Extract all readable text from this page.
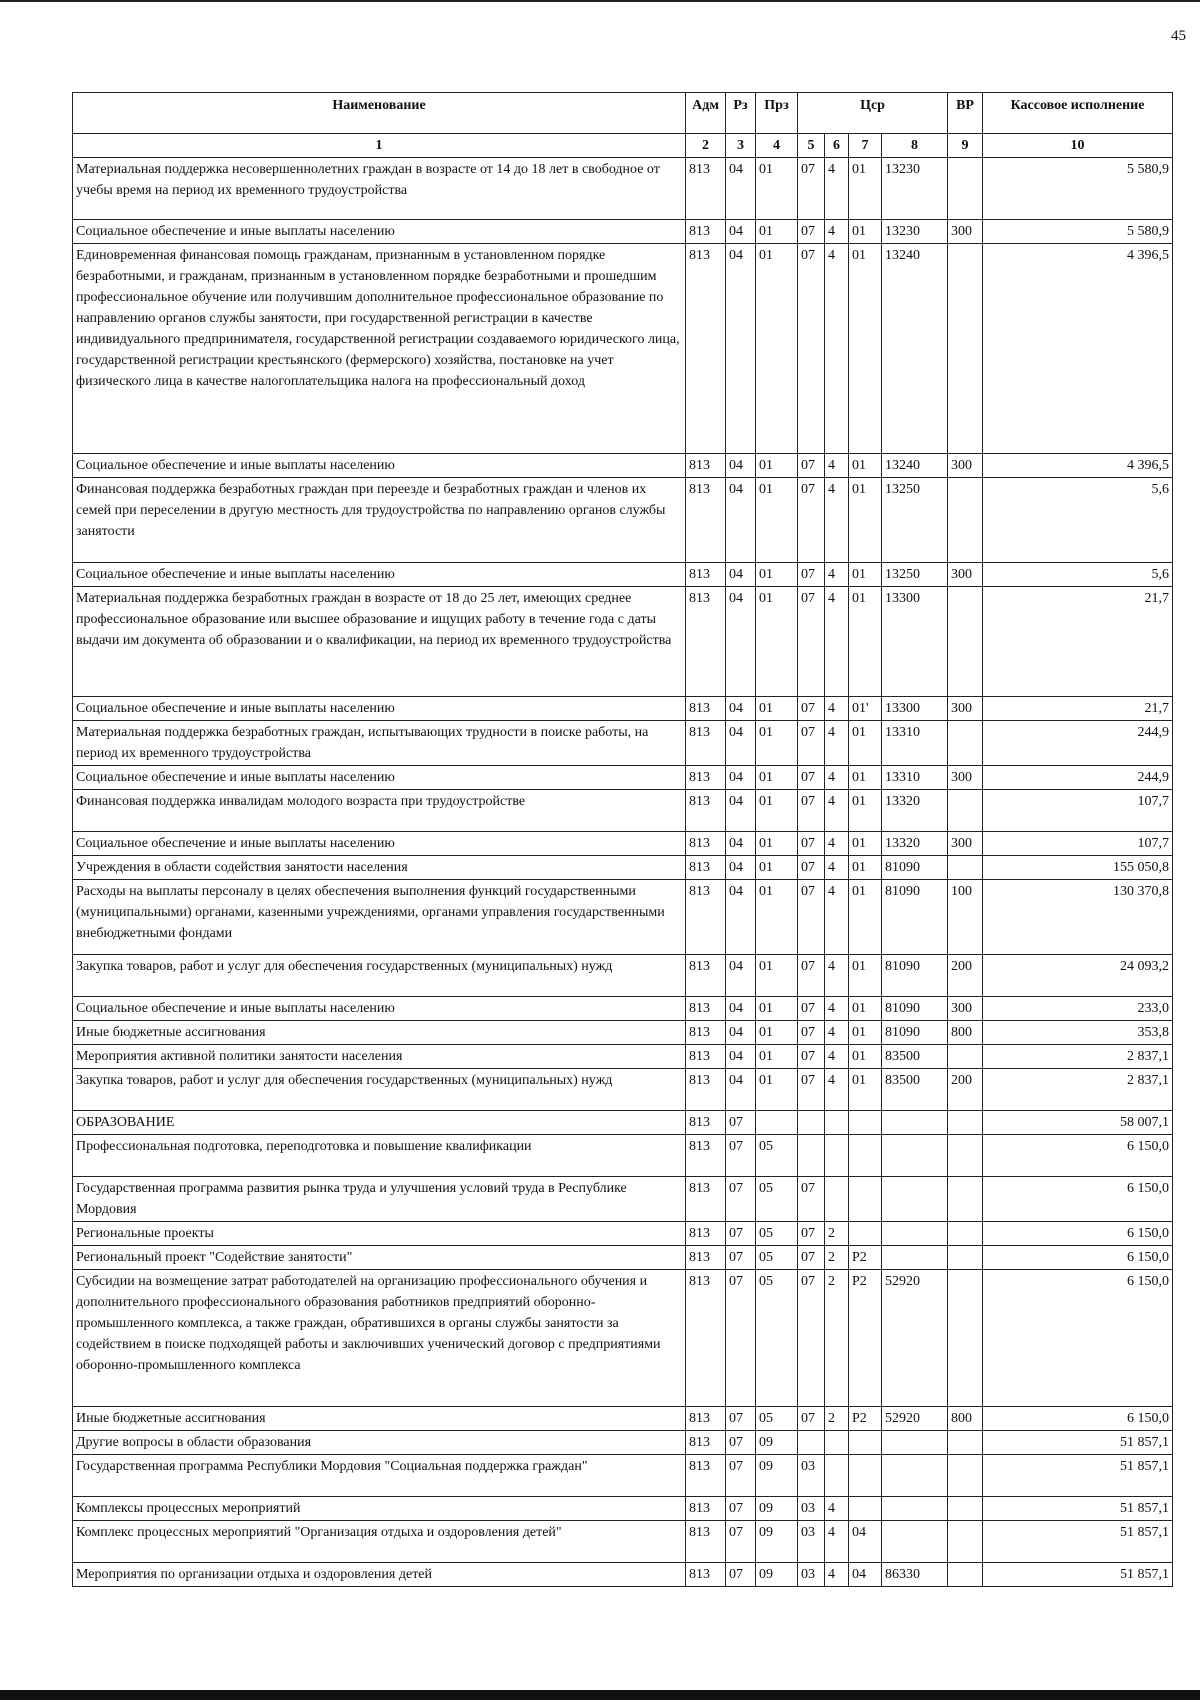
45
Наименование	Адм	Рз	Прз	Цср				ВР	Кассовое исполнение
1	2	3	4	5	6	7	8	9	10
Материальная поддержка несовершеннолетних граждан в возрасте от 14 до 18 лет в свободное от учебы время на период их временного трудоустройства	813	04	01	07	4	01	13230		5 580,9
Социальное обеспечение и иные выплаты населению	813	04	01	07	4	01	13230	300	5 580,9
Единовременная финансовая помощь гражданам, признанным в установленном порядке безработными, и гражданам, признанным в установленном порядке безработными и прошедшим профессиональное обучение или получившим дополнительное профессиональное образование по направлению органов службы занятости, при государственной регистрации в качестве индивидуального предпринимателя, государственной регистрации создаваемого юридического лица, государственной регистрации крестьянского (фермерского) хозяйства, постановке на учет физического лица в качестве налогоплательщика налога на профессиональный доход	813	04	01	07	4	01	13240		4 396,5
Социальное обеспечение и иные выплаты населению	813	04	01	07	4	01	13240	300	4 396,5
Финансовая поддержка безработных граждан при переезде и безработных граждан и членов их семей при переселении в другую местность для трудоустройства по направлению органов службы занятости	813	04	01	07	4	01	13250		5,6
Социальное обеспечение и иные выплаты населению	813	04	01	07	4	01	13250	300	5,6
Материальная поддержка безработных граждан в возрасте от 18 до 25 лет, имеющих среднее профессиональное образование или высшее образование и ищущих работу в течение года с даты выдачи им документа об образовании и о квалификации, на период их временного трудоустройства	813	04	01	07	4	01	13300		21,7
Социальное обеспечение и иные выплаты населению	813	04	01	07	4	01'	13300	300	21,7
Материальная поддержка безработных граждан, испытывающих трудности в поиске работы, на период их временного трудоустройства	813	04	01	07	4	01	13310		244,9
Социальное обеспечение и иные выплаты населению	813	04	01	07	4	01	13310	300	244,9
Финансовая поддержка инвалидам молодого возраста при трудоустройстве	813	04	01	07	4	01	13320		107,7
Социальное обеспечение и иные выплаты населению	813	04	01	07	4	01	13320	300	107,7
Учреждения в области содействия занятости населения	813	04	01	07	4	01	81090		155 050,8
Расходы на выплаты персоналу в целях обеспечения выполнения функций государственными (муниципальными) органами, казенными учреждениями, органами управления государственными внебюджетными фондами	813	04	01	07	4	01	81090	100	130 370,8
Закупка товаров, работ и услуг для обеспечения государственных (муниципальных) нужд	813	04	01	07	4	01	81090	200	24 093,2
Социальное обеспечение и иные выплаты населению	813	04	01	07	4	01	81090	300	233,0
Иные бюджетные ассигнования	813	04	01	07	4	01	81090	800	353,8
Мероприятия активной политики занятости населения	813	04	01	07	4	01	83500		2 837,1
Закупка товаров, работ и услуг для обеспечения государственных (муниципальных) нужд	813	04	01	07	4	01	83500	200	2 837,1
ОБРАЗОВАНИЕ	813	07							58 007,1
Профессиональная подготовка, переподготовка и повышение квалификации	813	07	05						6 150,0
Государственная программа развития рынка труда и улучшения условий труда в Республике Мордовия	813	07	05	07					6 150,0
Региональные проекты	813	07	05	07	2				6 150,0
Региональный проект "Содействие занятости"	813	07	05	07	2	P2			6 150,0
Субсидии на возмещение затрат работодателей на организацию профессионального обучения и дополнительного профессионального образования работников предприятий оборонно-промышленного комплекса, а также граждан, обратившихся в органы службы занятости за содействием в поиске подходящей работы и заключивших ученический договор с предприятиями оборонно-промышленного комплекса	813	07	05	07	2	P2	52920		6 150,0
Иные бюджетные ассигнования	813	07	05	07	2	P2	52920	800	6 150,0
Другие вопросы в области образования	813	07	09						51 857,1
Государственная программа Республики Мордовия "Социальная поддержка граждан"	813	07	09	03					51 857,1
Комплексы процессных мероприятий	813	07	09	03	4				51 857,1
Комплекс процессных мероприятий "Организация отдыха и оздоровления детей"	813	07	09	03	4	04			51 857,1
Мероприятия по организации отдыха и оздоровления детей	813	07	09	03	4	04	86330		51 857,1
